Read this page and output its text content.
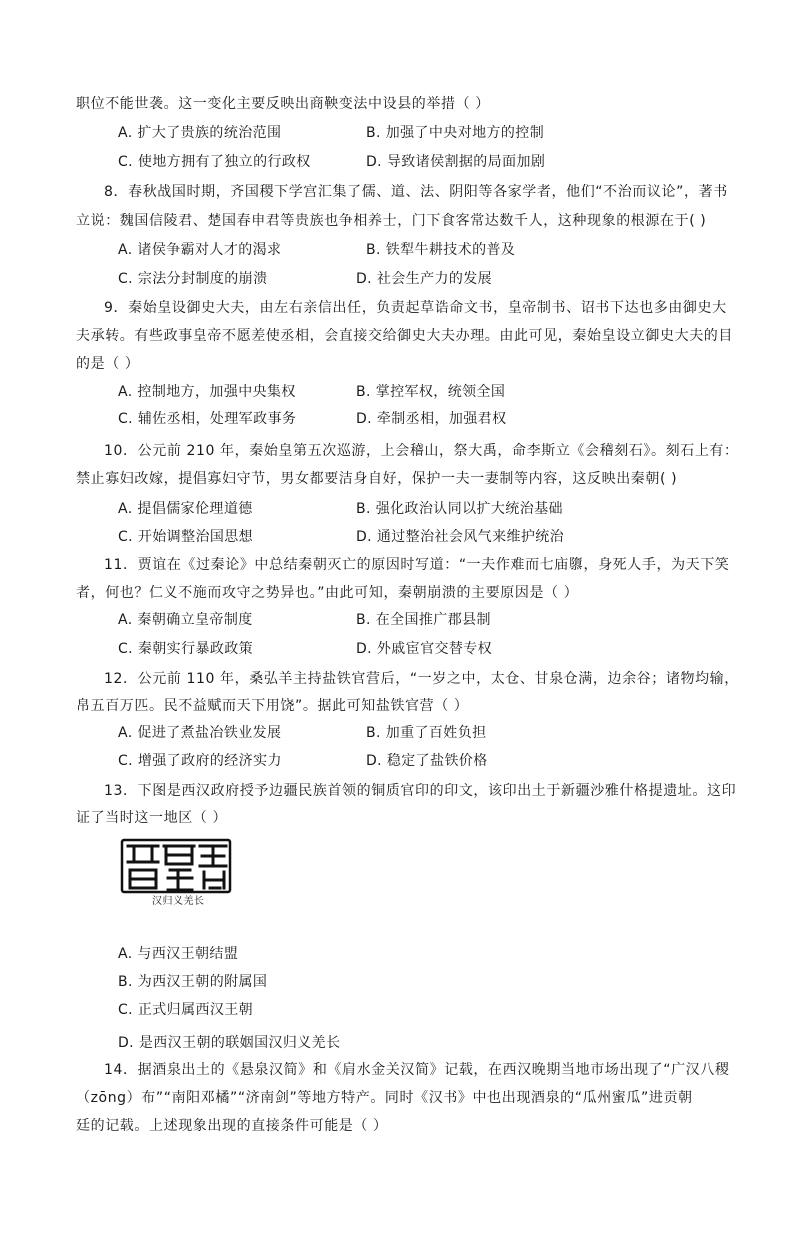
职位不能世袭。这一变化主要反映出商鞅变法中设县的举措（ ）
A. 扩大了贵族的统治范围	B. 加强了中央对地方的控制
C. 使地方拥有了独立的行政权	D. 导致诸侯割据的局面加剧
8．春秋战国时期，齐国稷下学宫汇集了儒、道、法、阴阳等各家学者，他们“不治而议论”，著书
立说：魏国信陵君、楚国春申君等贵族也争相养士，门下食客常达数千人，这种现象的根源在于( )
A. 诸侯争霸对人才的渴求	B. 铁犁牛耕技术的普及
C. 宗法分封制度的崩溃	D. 社会生产力的发展
9．秦始皇设御史大夫，由左右亲信出任，负责起草诰命文书，皇帝制书、诏书下达也多由御史大
夫承转。有些政事皇帝不愿差使丞相，会直接交给御史大夫办理。由此可见，秦始皇设立御史大夫的目
的是（ ）
A. 控制地方，加强中央集权	B. 掌控军权，统领全国
C. 辅佐丞相，处理军政事务	D. 牵制丞相，加强君权
10．公元前 210 年，秦始皇第五次巡游，上会稽山，祭大禹，命李斯立《会稽刻石》。刻石上有：
禁止寡妇改嫁，提倡寡妇守节，男女都要洁身自好，保护一夫一妻制等内容，这反映出秦朝( )
A. 提倡儒家伦理道德	B. 强化政治认同以扩大统治基础
C. 开始调整治国思想	D. 通过整治社会风气来维护统治
11．贾谊在《过秦论》中总结秦朝灭亡的原因时写道：“一夫作难而七庙隳，身死人手，为天下笑
者，何也？仁义不施而攻守之势异也。”由此可知，秦朝崩溃的主要原因是（ ）
A. 秦朝确立皇帝制度	B. 在全国推广郡县制
C. 秦朝实行暴政政策	D. 外戚宦官交替专权
12．公元前 110 年，桑弘羊主持盐铁官营后，“一岁之中，太仓、甘泉仓满，边余谷；诸物均输，
帛五百万匹。民不益赋而天下用饶”。据此可知盐铁官营（ ）
A. 促进了煮盐冶铁业发展	B. 加重了百姓负担
C. 增强了政府的经济实力	D. 稳定了盐铁价格
13．下图是西汉政府授予边疆民族首领的铜质官印的印文，该印出土于新疆沙雅什格提遗址。这印
证了当时这一地区（ ）
汉归义羌长
A. 与西汉王朝结盟
B. 为西汉王朝的附属国
C. 正式归属西汉王朝
D. 是西汉王朝的联姻国汉归义羌长
14．据酒泉出土的《悬泉汉简》和《肩水金关汉简》记载，在西汉晚期当地市场出现了“广汉八稷
（zōng）布”“南阳邓橘”“济南剑”等地方特产。同时《汉书》中也出现酒泉的“瓜州蜜瓜”进贡朝
廷的记载。上述现象出现的直接条件可能是（ ）
